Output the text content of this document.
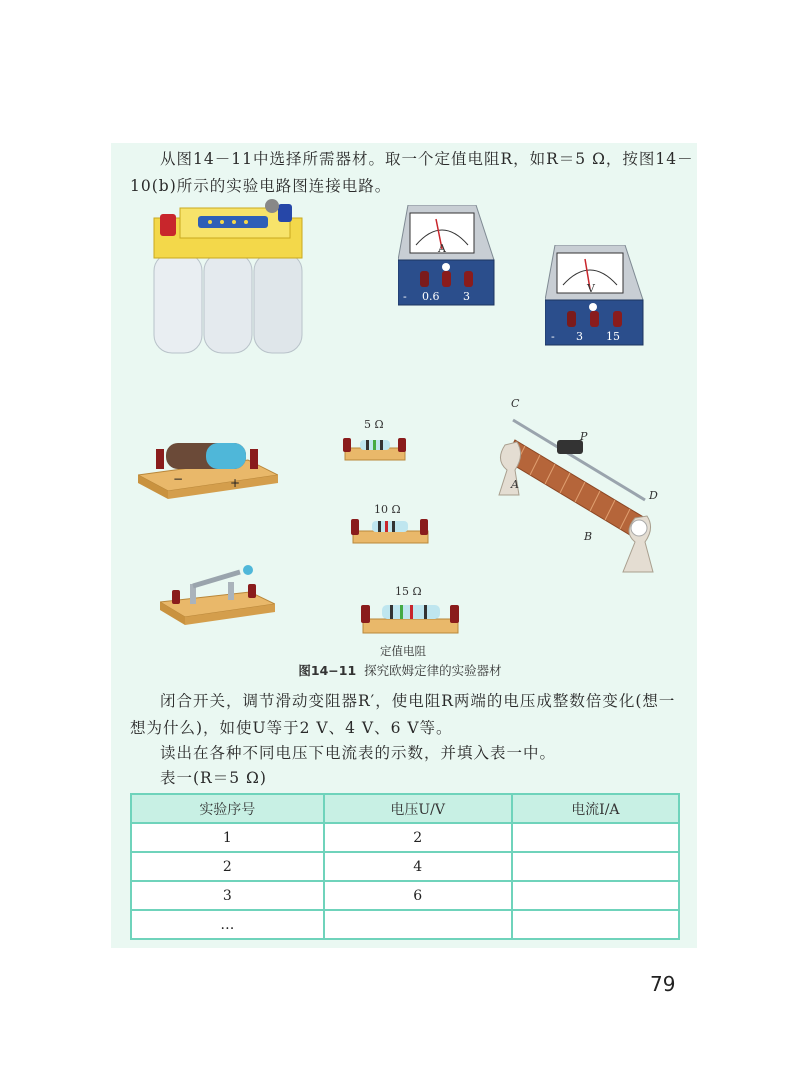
从图14－11中选择所需器材。取一个定值电阻R，如R＝5 Ω，按图14－
10(b)所示的实验电路图连接电路。
A
- 0.6 3
V
- 3 15
−	+
5 Ω
10 Ω
15 Ω
定值电阻
C
P
A
D
B
图14−11 探究欧姆定律的实验器材
闭合开关，调节滑动变阻器R′，使电阻R两端的电压成整数倍变化(想一
想为什么)，如使U等于2 V、4 V、6 V等。
读出在各种不同电压下电流表的示数，并填入表一中。
表一(R＝5 Ω)
实验序号	电压U/V	电流I/A
1	2	
2	4	
3	6	
…		
79
